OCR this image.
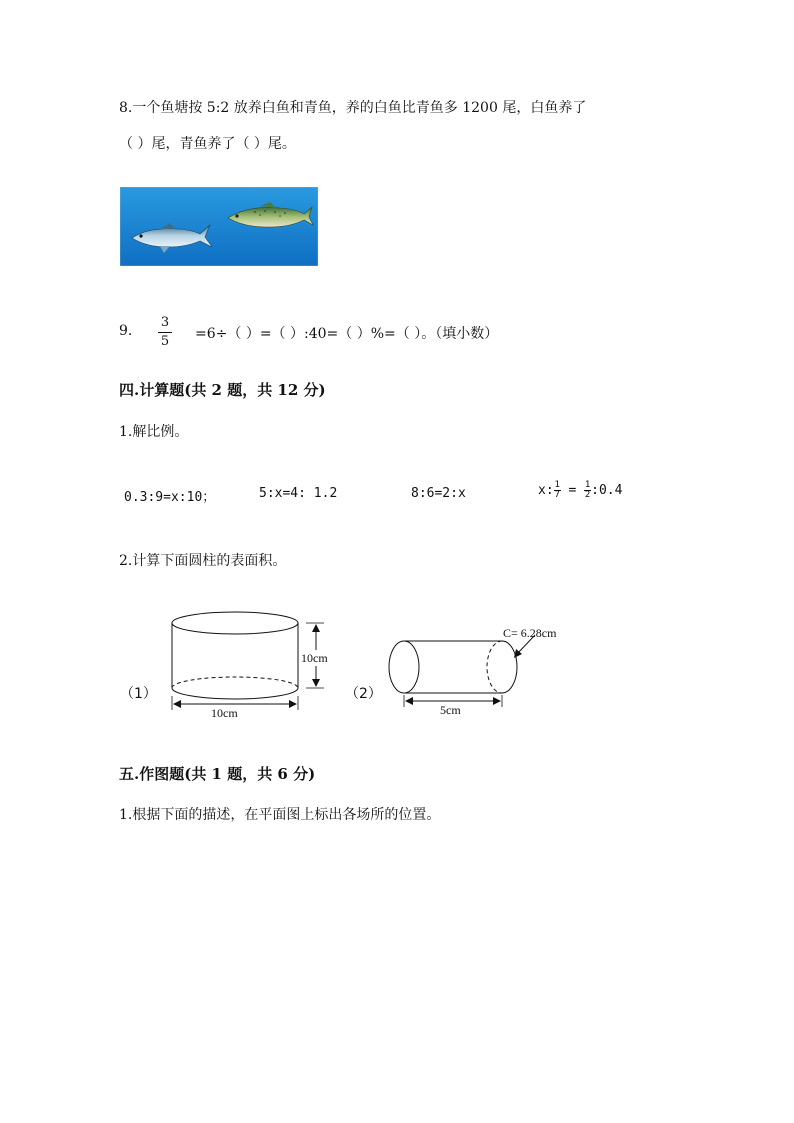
8.一个鱼塘按 5:2 放养白鱼和青鱼，养的白鱼比青鱼多 1200 尾，白鱼养了
（ ）尾，青鱼养了（ ）尾。
9.
3
5 =6÷（ ）=（ ）:40=（ ）%=（ ）。（填小数）
四.计算题(共 2 题，共 12 分)
1.解比例。
0.3:9=x:10；	5:x=4: 1.2	8:6=2:x	x: 1
7 = 1
2 :0.4
2.计算下面圆柱的表面积。
10cm
10cm
（1）
C= 6.28cm
5cm
（2）
五.作图题(共 1 题，共 6 分)
1.根据下面的描述，在平面图上标出各场所的位置。
